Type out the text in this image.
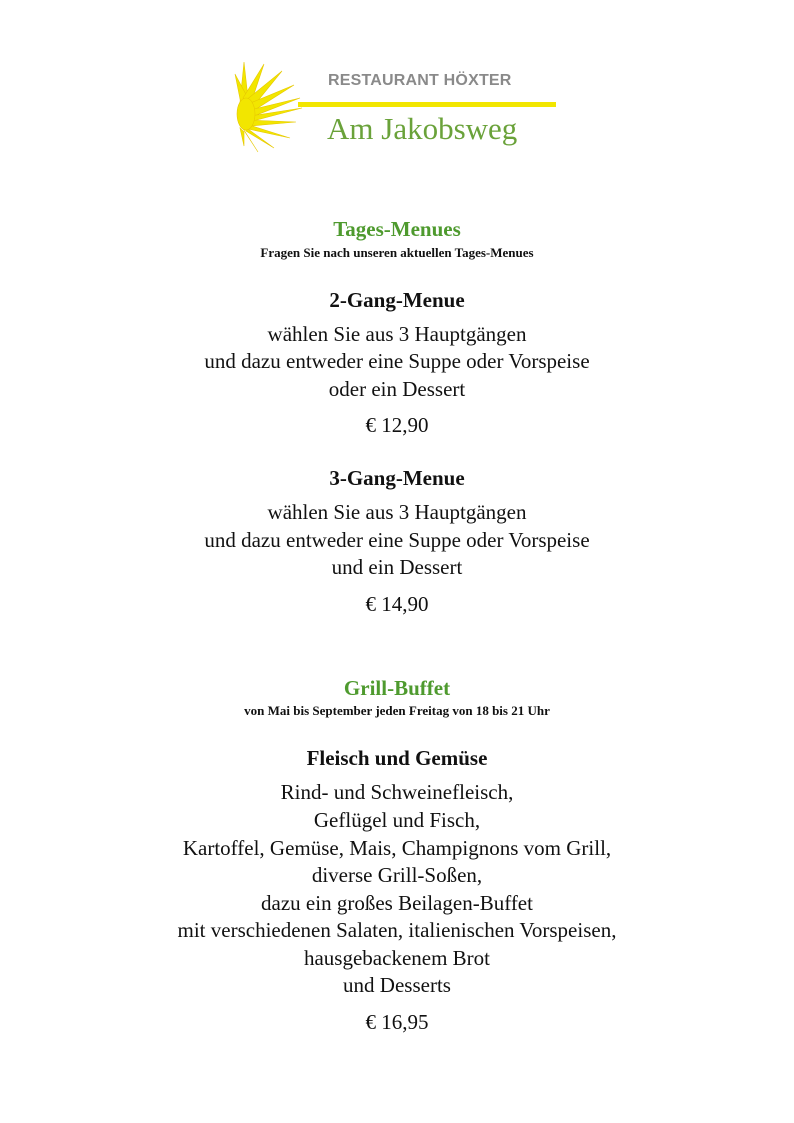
RESTAURANT HÖXTER
Am Jakobsweg
Tages-Menues
Fragen Sie nach unseren aktuellen Tages-Menues
2-Gang-Menue
wählen Sie aus 3 Hauptgängen
und dazu entweder eine Suppe oder Vorspeise
oder ein Dessert
€ 12,90
3-Gang-Menue
wählen Sie aus 3 Hauptgängen
und dazu entweder eine Suppe oder Vorspeise
und ein Dessert
€ 14,90
Grill-Buffet
von Mai bis September jeden Freitag von 18 bis 21 Uhr
Fleisch und Gemüse
Rind- und Schweinefleisch,
Geflügel und Fisch,
Kartoffel, Gemüse, Mais, Champignons vom Grill,
diverse Grill-Soßen,
dazu ein großes Beilagen-Buffet
mit verschiedenen Salaten, italienischen Vorspeisen,
hausgebackenem Brot
und Desserts
€ 16,95
